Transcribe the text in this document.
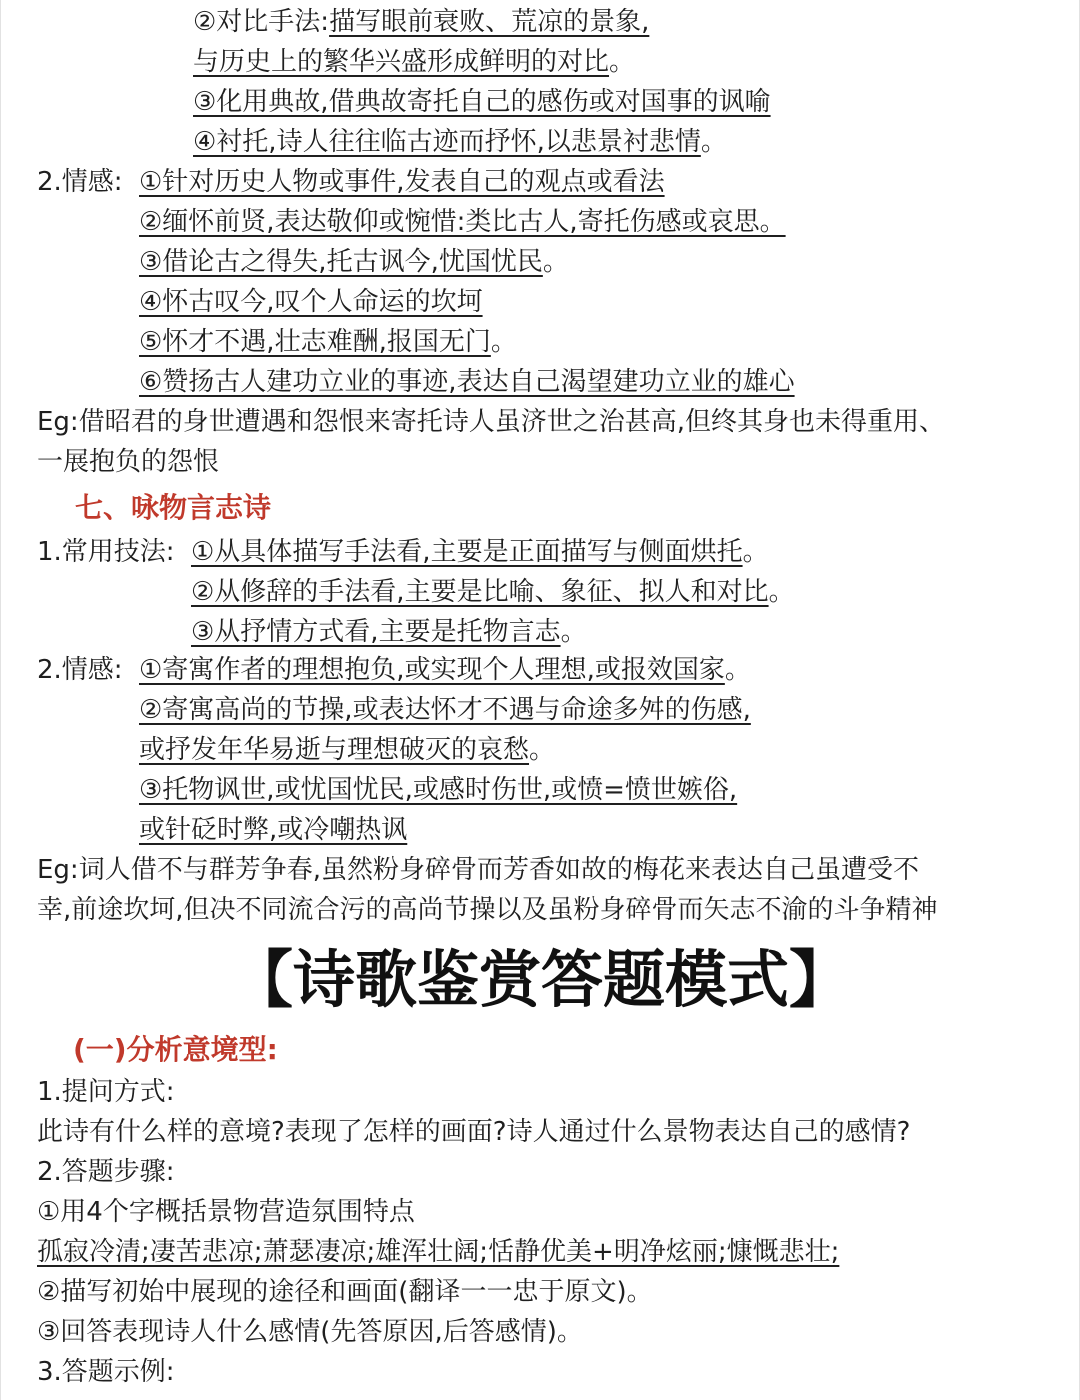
②对比手法:描写眼前衰败、荒凉的景象,
与历史上的繁华兴盛形成鲜明的对比。
③化用典故,借典故寄托自己的感伤或对国事的讽喻
④衬托,诗人往往临古迹而抒怀,以悲景衬悲情。
2.情感: ①针对历史人物或事件,发表自己的观点或看法
②缅怀前贤,表达敬仰或惋惜:类比古人,寄托伤感或哀思。
③借论古之得失,托古讽今,忧国忧民。
④怀古叹今,叹个人命运的坎坷
⑤怀才不遇,壮志难酬,报国无门。
⑥赞扬古人建功立业的事迹,表达自己渴望建功立业的雄心
Eg:借昭君的身世遭遇和怨恨来寄托诗人虽济世之治甚高,但终其身也未得重用、
一展抱负的怨恨
七、咏物言志诗
1.常用技法: ①从具体描写手法看,主要是正面描写与侧面烘托。
②从修辞的手法看,主要是比喻、象征、拟人和对比。
③从抒情方式看,主要是托物言志。
2.情感: ①寄寓作者的理想抱负,或实现个人理想,或报效国家。
②寄寓高尚的节操,或表达怀才不遇与命途多舛的伤感,
或抒发年华易逝与理想破灭的哀愁。
③托物讽世,或忧国忧民,或感时伤世,或愤=愤世嫉俗,
或针砭时弊,或冷嘲热讽
Eg:词人借不与群芳争春,虽然粉身碎骨而芳香如故的梅花来表达自己虽遭受不
幸,前途坎坷,但决不同流合污的高尚节操以及虽粉身碎骨而矢志不渝的斗争精神
【诗歌鉴赏答题模式】
(一)分析意境型:
1.提问方式:
此诗有什么样的意境?表现了怎样的画面?诗人通过什么景物表达自己的感情?
2.答题步骤:
①用4个字概括景物营造氛围特点
孤寂冷清;凄苦悲凉;萧瑟凄凉;雄浑壮阔;恬静优美+明净炫丽;慷慨悲壮;
②描写初始中展现的途径和画面(翻译一一忠于原文)。
③回答表现诗人什么感情(先答原因,后答感情)。
3.答题示例:
